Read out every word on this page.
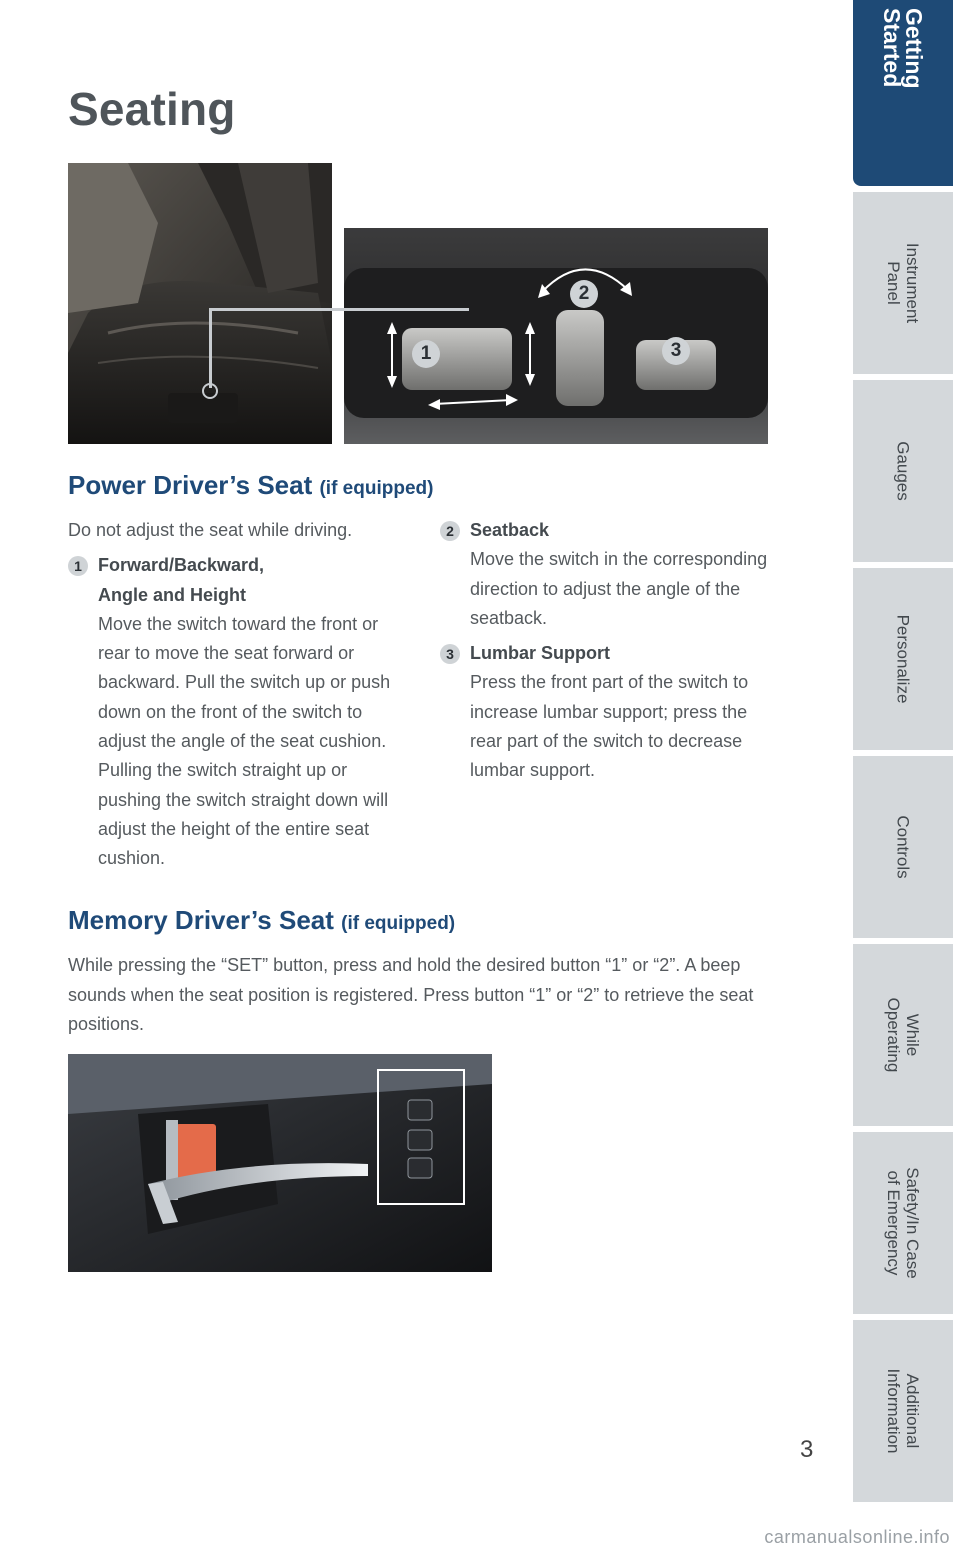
Seating
1
2
3
Power Driver’s Seat (if equipped)

Do not adjust the seat while driving.

1 Forward/Backward,
Angle and Height
Move the switch toward the front or rear to move the seat forward or backward. Pull the switch up or push down on the front of the switch to adjust the angle of the seat cushion. Pulling the switch straight up or pushing the switch straight down will adjust the height of the entire seat cushion.
2 Seatback
Move the switch in the corresponding direction to adjust the angle of the seatback.
3 Lumbar Support
Press the front part of the switch to increase lumbar support; press the rear part of the switch to decrease lumbar support.
Memory Driver’s Seat (if equipped)

While pressing the “SET” button, press and hold the desired button “1” or “2”. A beep sounds when the seat position is registered. Press button “1” or “2” to retrieve the seat positions.

3
carmanualsonline.info
Getting
Started
Instrument
Panel
Gauges
Personalize
Controls
While
Operating
Safety/In Case
of Emergency
Additional
Information
